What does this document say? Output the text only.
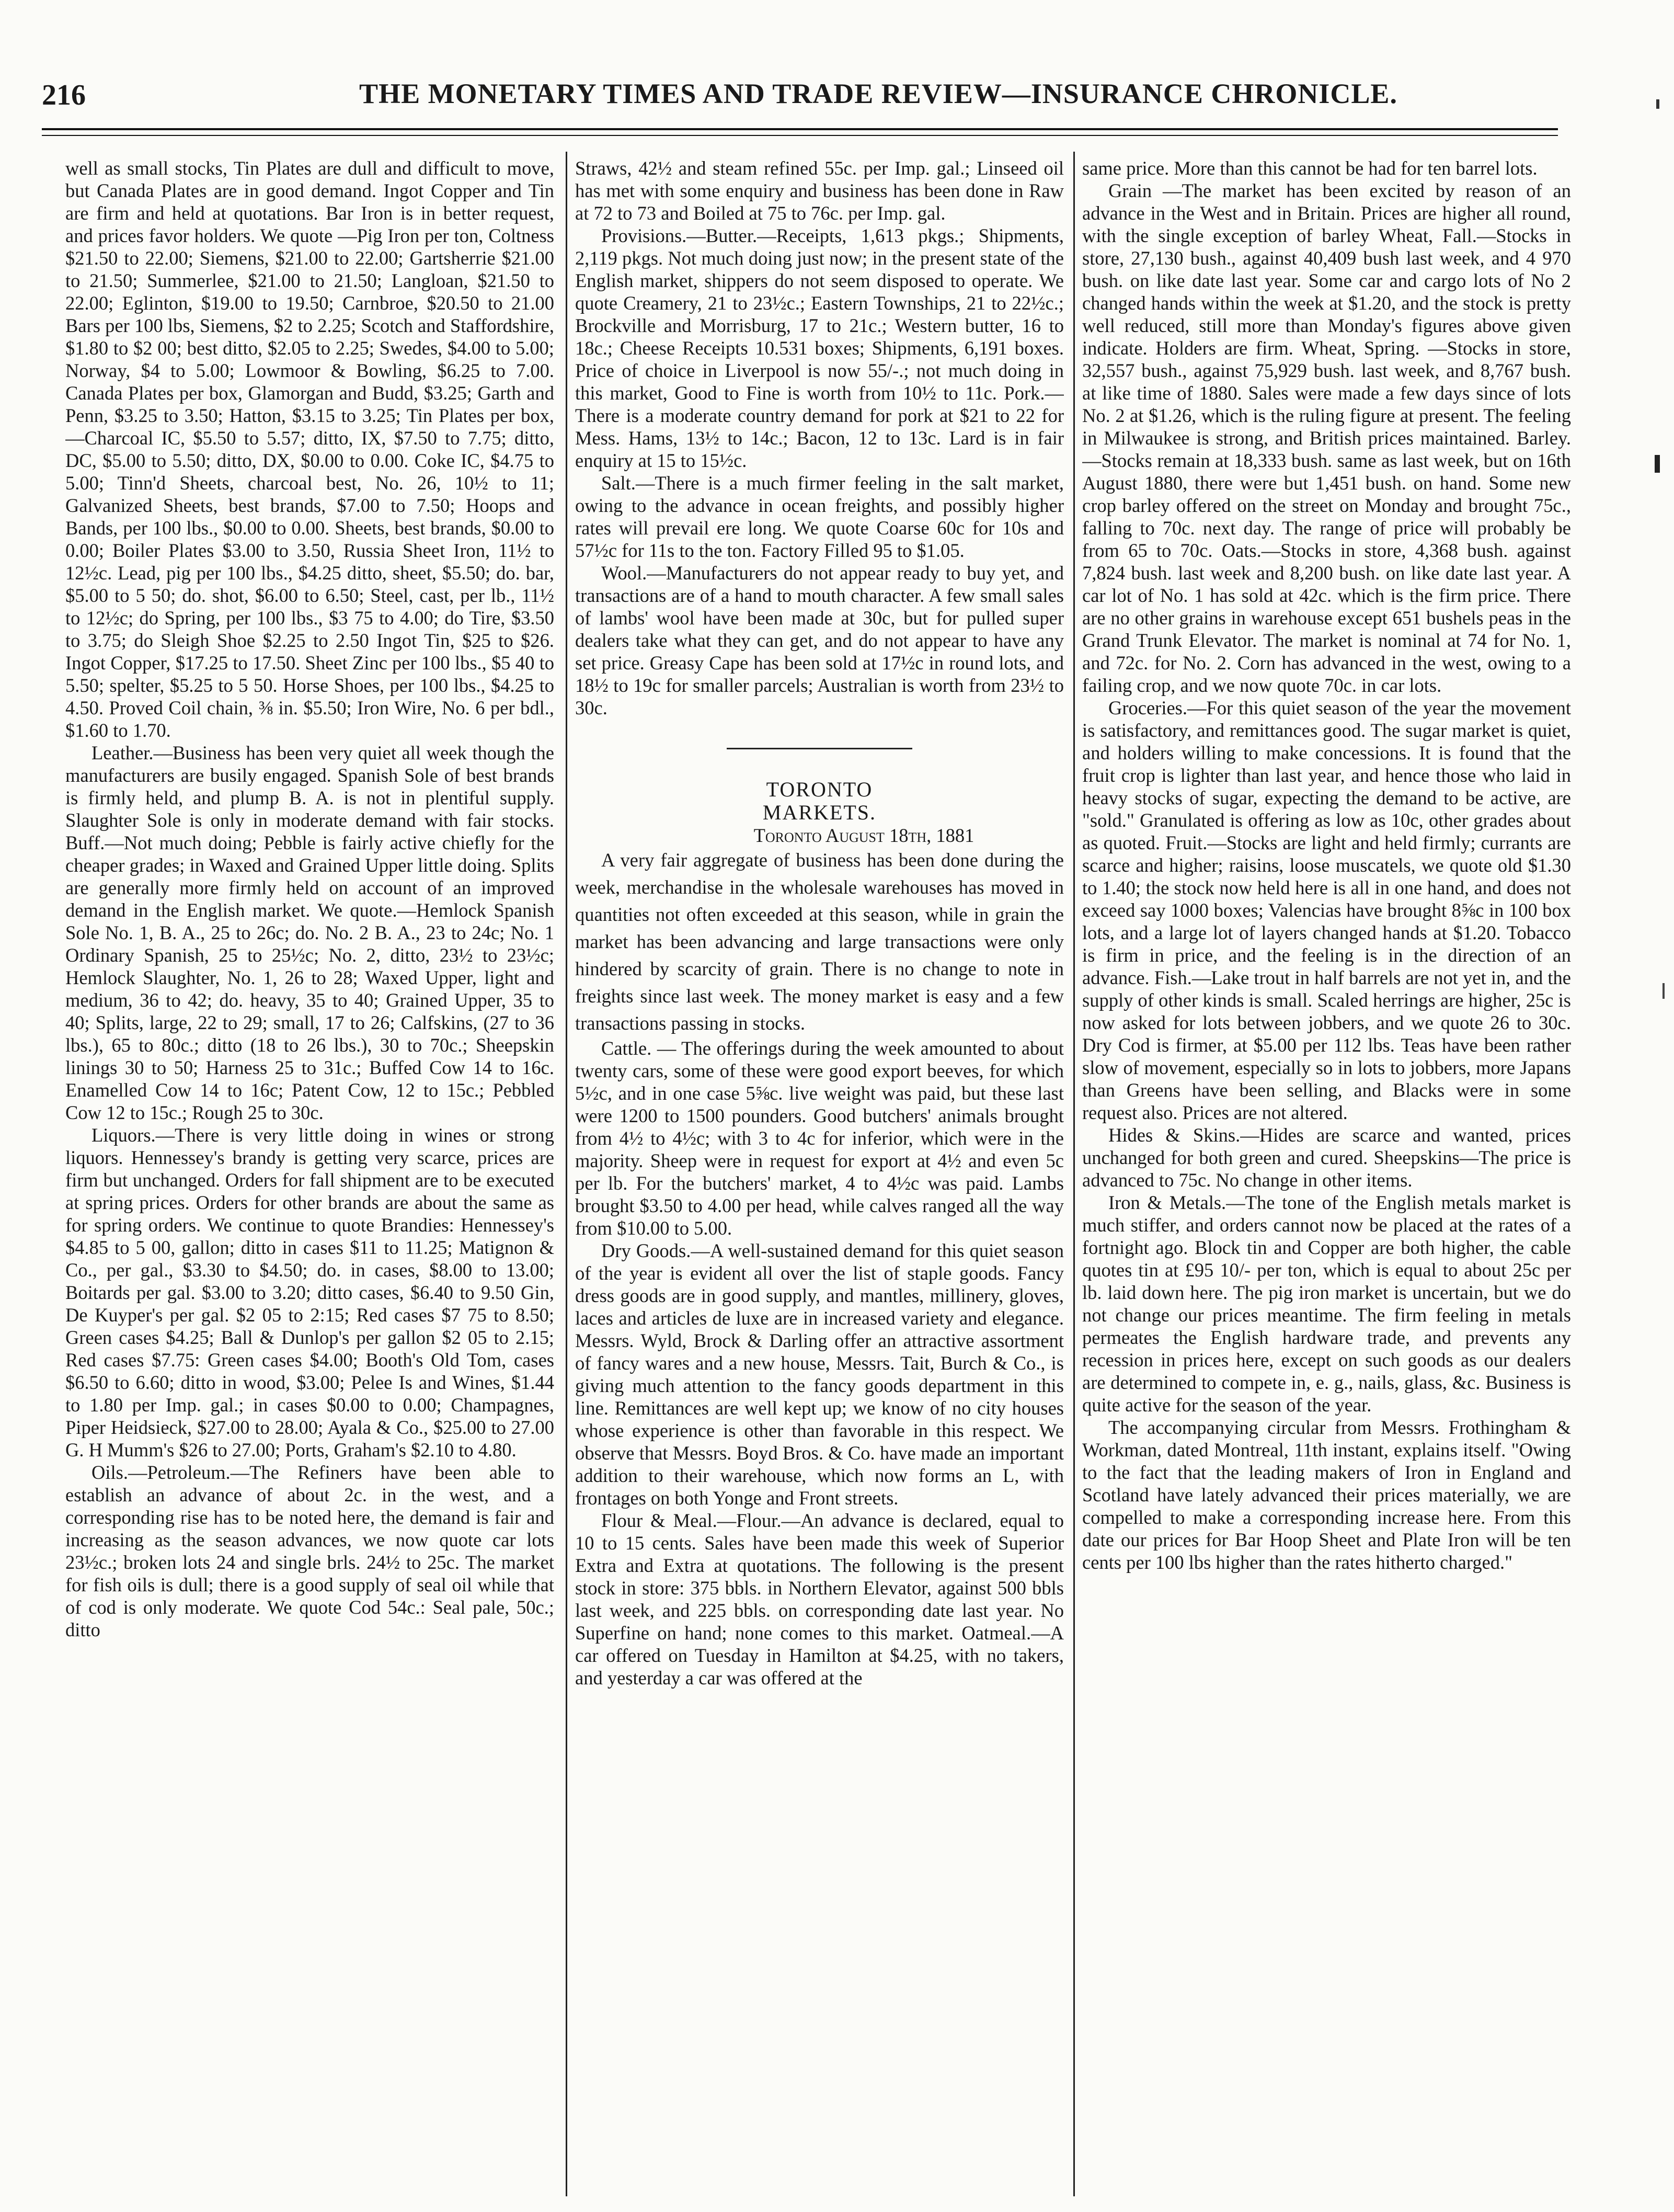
216	THE MONETARY TIMES AND TRADE REVIEW—INSURANCE CHRONICLE.

well as small stocks, Tin Plates are dull and difficult to move, but Canada Plates are in good demand. Ingot Copper and Tin are firm and held at quotations. Bar Iron is in better request, and prices favor holders. We quote —Pig Iron per ton, Coltness $21.50 to 22.00; Siemens, $21.00 to 22.00; Gartsherrie $21.00 to 21.50; Summerlee, $21.00 to 21.50; Langloan, $21.50 to 22.00; Eglinton, $19.00 to 19.50; Carnbroe, $20.50 to 21.00 Bars per 100 lbs, Siemens, $2 to 2.25; Scotch and Staffordshire, $1.80 to $2 00; best ditto, $2.05 to 2.25; Swedes, $4.00 to 5.00; Norway, $4 to 5.00; Lowmoor & Bowling, $6.25 to 7.00. Canada Plates per box, Glamorgan and Budd, $3.25; Garth and Penn, $3.25 to 3.50; Hatton, $3.15 to 3.25; Tin Plates per box,—Charcoal IC, $5.50 to 5.57; ditto, IX, $7.50 to 7.75; ditto, DC, $5.00 to 5.50; ditto, DX, $0.00 to 0.00. Coke IC, $4.75 to 5.00; Tinn'd Sheets, charcoal best, No. 26, 10½ to 11; Galvanized Sheets, best brands, $7.00 to 7.50; Hoops and Bands, per 100 lbs., $0.00 to 0.00. Sheets, best brands, $0.00 to 0.00; Boiler Plates $3.00 to 3.50, Russia Sheet Iron, 11½ to 12½c. Lead, pig per 100 lbs., $4.25 ditto, sheet, $5.50; do. bar, $5.00 to 5 50; do. shot, $6.00 to 6.50; Steel, cast, per lb., 11½ to 12½c; do Spring, per 100 lbs., $3 75 to 4.00; do Tire, $3.50 to 3.75; do Sleigh Shoe $2.25 to 2.50 Ingot Tin, $25 to $26. Ingot Copper, $17.25 to 17.50. Sheet Zinc per 100 lbs., $5 40 to 5.50; spelter, $5.25 to 5 50. Horse Shoes, per 100 lbs., $4.25 to 4.50. Proved Coil chain, ⅜ in. $5.50; Iron Wire, No. 6 per bdl., $1.60 to 1.70.

Leather.—Business has been very quiet all week though the manufacturers are busily engaged. Spanish Sole of best brands is firmly held, and plump B. A. is not in plentiful supply. Slaughter Sole is only in moderate demand with fair stocks. Buff.—Not much doing; Pebble is fairly active chiefly for the cheaper grades; in Waxed and Grained Upper little doing. Splits are generally more firmly held on account of an improved demand in the English market. We quote.—Hemlock Spanish Sole No. 1, B. A., 25 to 26c; do. No. 2 B. A., 23 to 24c; No. 1 Ordinary Spanish, 25 to 25½c; No. 2, ditto, 23½ to 23½c; Hemlock Slaughter, No. 1, 26 to 28; Waxed Upper, light and medium, 36 to 42; do. heavy, 35 to 40; Grained Upper, 35 to 40; Splits, large, 22 to 29; small, 17 to 26; Calfskins, (27 to 36 lbs.), 65 to 80c.; ditto (18 to 26 lbs.), 30 to 70c.; Sheepskin linings 30 to 50; Harness 25 to 31c.; Buffed Cow 14 to 16c. Enamelled Cow 14 to 16c; Patent Cow, 12 to 15c.; Pebbled Cow 12 to 15c.; Rough 25 to 30c.

Liquors.—There is very little doing in wines or strong liquors. Hennessey's brandy is getting very scarce, prices are firm but unchanged. Orders for fall shipment are to be executed at spring prices. Orders for other brands are about the same as for spring orders. We continue to quote Brandies: Hennessey's $4.85 to 5 00, gallon; ditto in cases $11 to 11.25; Matignon & Co., per gal., $3.30 to $4.50; do. in cases, $8.00 to 13.00; Boitards per gal. $3.00 to 3.20; ditto cases, $6.40 to 9.50 Gin, De Kuyper's per gal. $2 05 to 2:15; Red cases $7 75 to 8.50; Green cases $4.25; Ball & Dunlop's per gallon $2 05 to 2.15; Red cases $7.75: Green cases $4.00; Booth's Old Tom, cases $6.50 to 6.60; ditto in wood, $3.00; Pelee Is and Wines, $1.44 to 1.80 per Imp. gal.; in cases $0.00 to 0.00; Champagnes, Piper Heidsieck, $27.00 to 28.00; Ayala & Co., $25.00 to 27.00 G. H Mumm's $26 to 27.00; Ports, Graham's $2.10 to 4.80.

Oils.—Petroleum.—The Refiners have been able to establish an advance of about 2c. in the west, and a corresponding rise has to be noted here, the demand is fair and increasing as the season advances, we now quote car lots 23½c.; broken lots 24 and single brls. 24½ to 25c. The market for fish oils is dull; there is a good supply of seal oil while that of cod is only moderate. We quote Cod 54c.: Seal pale, 50c.; ditto

Straws, 42½ and steam refined 55c. per Imp. gal.; Linseed oil has met with some enquiry and business has been done in Raw at 72 to 73 and Boiled at 75 to 76c. per Imp. gal.

Provisions.—Butter.—Receipts, 1,613 pkgs.; Shipments, 2,119 pkgs. Not much doing just now; in the present state of the English market, shippers do not seem disposed to operate. We quote Creamery, 21 to 23½c.; Eastern Townships, 21 to 22½c.; Brockville and Morrisburg, 17 to 21c.; Western butter, 16 to 18c.; Cheese Receipts 10.531 boxes; Shipments, 6,191 boxes. Price of choice in Liverpool is now 55/-.; not much doing in this market, Good to Fine is worth from 10½ to 11c. Pork.—There is a moderate country demand for pork at $21 to 22 for Mess. Hams, 13½ to 14c.; Bacon, 12 to 13c. Lard is in fair enquiry at 15 to 15½c.

Salt.—There is a much firmer feeling in the salt market, owing to the advance in ocean freights, and possibly higher rates will prevail ere long. We quote Coarse 60c for 10s and 57½c for 11s to the ton. Factory Filled 95 to $1.05.

Wool.—Manufacturers do not appear ready to buy yet, and transactions are of a hand to mouth character. A few small sales of lambs' wool have been made at 30c, but for pulled super dealers take what they can get, and do not appear to have any set price. Greasy Cape has been sold at 17½c in round lots, and 18½ to 19c for smaller parcels; Australian is worth from 23½ to 30c.

TORONTO MARKETS.

Toronto August 18th, 1881

A very fair aggregate of business has been done during the week, merchandise in the wholesale warehouses has moved in quantities not often exceeded at this season, while in grain the market has been advancing and large transactions were only hindered by scarcity of grain. There is no change to note in freights since last week. The money market is easy and a few transactions passing in stocks.

Cattle. — The offerings during the week amounted to about twenty cars, some of these were good export beeves, for which 5½c, and in one case 5⅝c. live weight was paid, but these last were 1200 to 1500 pounders. Good butchers' animals brought from 4½ to 4½c; with 3 to 4c for inferior, which were in the majority. Sheep were in request for export at 4½ and even 5c per lb. For the butchers' market, 4 to 4½c was paid. Lambs brought $3.50 to 4.00 per head, while calves ranged all the way from $10.00 to 5.00.

Dry Goods.—A well-sustained demand for this quiet season of the year is evident all over the list of staple goods. Fancy dress goods are in good supply, and mantles, millinery, gloves, laces and articles de luxe are in increased variety and elegance. Messrs. Wyld, Brock & Darling offer an attractive assortment of fancy wares and a new house, Messrs. Tait, Burch & Co., is giving much attention to the fancy goods department in this line. Remittances are well kept up; we know of no city houses whose experience is other than favorable in this respect. We observe that Messrs. Boyd Bros. & Co. have made an important addition to their warehouse, which now forms an L, with frontages on both Yonge and Front streets.

Flour & Meal.—Flour.—An advance is declared, equal to 10 to 15 cents. Sales have been made this week of Superior Extra and Extra at quotations. The following is the present stock in store: 375 bbls. in Northern Elevator, against 500 bbls last week, and 225 bbls. on corresponding date last year. No Superfine on hand; none comes to this market. Oatmeal.—A car offered on Tuesday in Hamilton at $4.25, with no takers, and yesterday a car was offered at the

same price. More than this cannot be had for ten barrel lots.

Grain —The market has been excited by reason of an advance in the West and in Britain. Prices are higher all round, with the single exception of barley Wheat, Fall.—Stocks in store, 27,130 bush., against 40,409 bush last week, and 4 970 bush. on like date last year. Some car and cargo lots of No 2 changed hands within the week at $1.20, and the stock is pretty well reduced, still more than Monday's figures above given indicate. Holders are firm. Wheat, Spring. —Stocks in store, 32,557 bush., against 75,929 bush. last week, and 8,767 bush. at like time of 1880. Sales were made a few days since of lots No. 2 at $1.26, which is the ruling figure at present. The feeling in Milwaukee is strong, and British prices maintained. Barley.—Stocks remain at 18,333 bush. same as last week, but on 16th August 1880, there were but 1,451 bush. on hand. Some new crop barley offered on the street on Monday and brought 75c., falling to 70c. next day. The range of price will probably be from 65 to 70c. Oats.—Stocks in store, 4,368 bush. against 7,824 bush. last week and 8,200 bush. on like date last year. A car lot of No. 1 has sold at 42c. which is the firm price. There are no other grains in warehouse except 651 bushels peas in the Grand Trunk Elevator. The market is nominal at 74 for No. 1, and 72c. for No. 2. Corn has advanced in the west, owing to a failing crop, and we now quote 70c. in car lots.

Groceries.—For this quiet season of the year the movement is satisfactory, and remittances good. The sugar market is quiet, and holders willing to make concessions. It is found that the fruit crop is lighter than last year, and hence those who laid in heavy stocks of sugar, expecting the demand to be active, are "sold." Granulated is offering as low as 10c, other grades about as quoted. Fruit.—Stocks are light and held firmly; currants are scarce and higher; raisins, loose muscatels, we quote old $1.30 to 1.40; the stock now held here is all in one hand, and does not exceed say 1000 boxes; Valencias have brought 8⅝c in 100 box lots, and a large lot of layers changed hands at $1.20. Tobacco is firm in price, and the feeling is in the direction of an advance. Fish.—Lake trout in half barrels are not yet in, and the supply of other kinds is small. Scaled herrings are higher, 25c is now asked for lots between jobbers, and we quote 26 to 30c. Dry Cod is firmer, at $5.00 per 112 lbs. Teas have been rather slow of movement, especially so in lots to jobbers, more Japans than Greens have been selling, and Blacks were in some request also. Prices are not altered.

Hides & Skins.—Hides are scarce and wanted, prices unchanged for both green and cured. Sheepskins—The price is advanced to 75c. No change in other items.

Iron & Metals.—The tone of the English metals market is much stiffer, and orders cannot now be placed at the rates of a fortnight ago. Block tin and Copper are both higher, the cable quotes tin at £95 10/- per ton, which is equal to about 25c per lb. laid down here. The pig iron market is uncertain, but we do not change our prices meantime. The firm feeling in metals permeates the English hardware trade, and prevents any recession in prices here, except on such goods as our dealers are determined to compete in, e. g., nails, glass, &c. Business is quite active for the season of the year.

The accompanying circular from Messrs. Frothingham & Workman, dated Montreal, 11th instant, explains itself. "Owing to the fact that the leading makers of Iron in England and Scotland have lately advanced their prices materially, we are compelled to make a corresponding increase here. From this date our prices for Bar Hoop Sheet and Plate Iron will be ten cents per 100 lbs higher than the rates hitherto charged."
